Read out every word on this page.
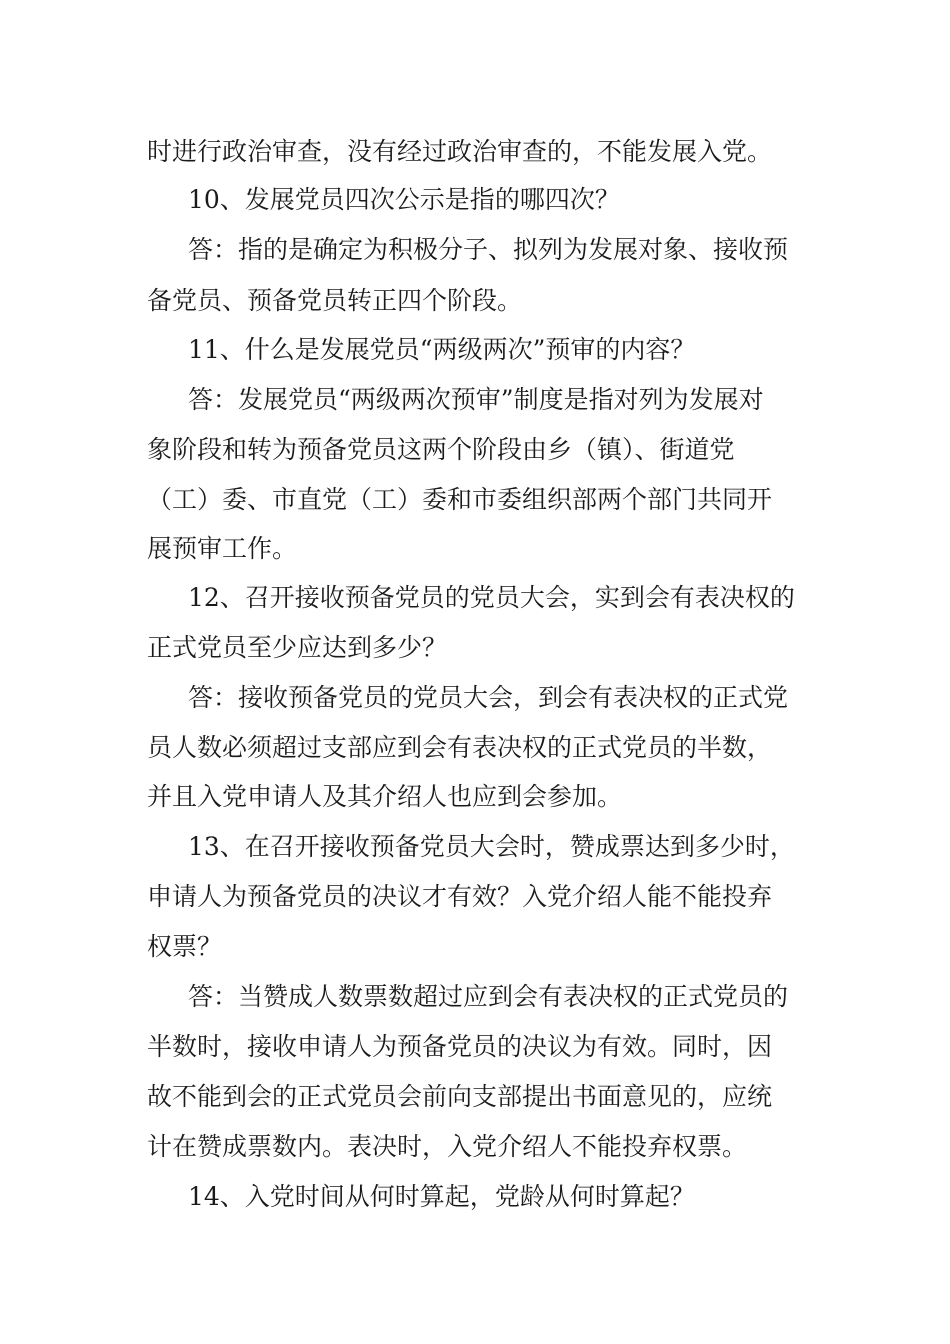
时进行政治审查，没有经过政治审查的，不能发展入党。
10、发展党员四次公示是指的哪四次？
答：指的是确定为积极分子、拟列为发展对象、接收预
备党员、预备党员转正四个阶段。
11、什么是发展党员“两级两次”预审的内容？
答：发展党员“两级两次预审”制度是指对列为发展对
象阶段和转为预备党员这两个阶段由乡（镇）、街道党
（工）委、市直党（工）委和市委组织部两个部门共同开
展预审工作。
12、召开接收预备党员的党员大会，实到会有表决权的
正式党员至少应达到多少？
答：接收预备党员的党员大会，到会有表决权的正式党
员人数必须超过支部应到会有表决权的正式党员的半数，
并且入党申请人及其介绍人也应到会参加。
13、在召开接收预备党员大会时，赞成票达到多少时，
申请人为预备党员的决议才有效？入党介绍人能不能投弃
权票？
答：当赞成人数票数超过应到会有表决权的正式党员的
半数时，接收申请人为预备党员的决议为有效。同时，因
故不能到会的正式党员会前向支部提出书面意见的，应统
计在赞成票数内。表决时，入党介绍人不能投弃权票。
14、入党时间从何时算起，党龄从何时算起？
